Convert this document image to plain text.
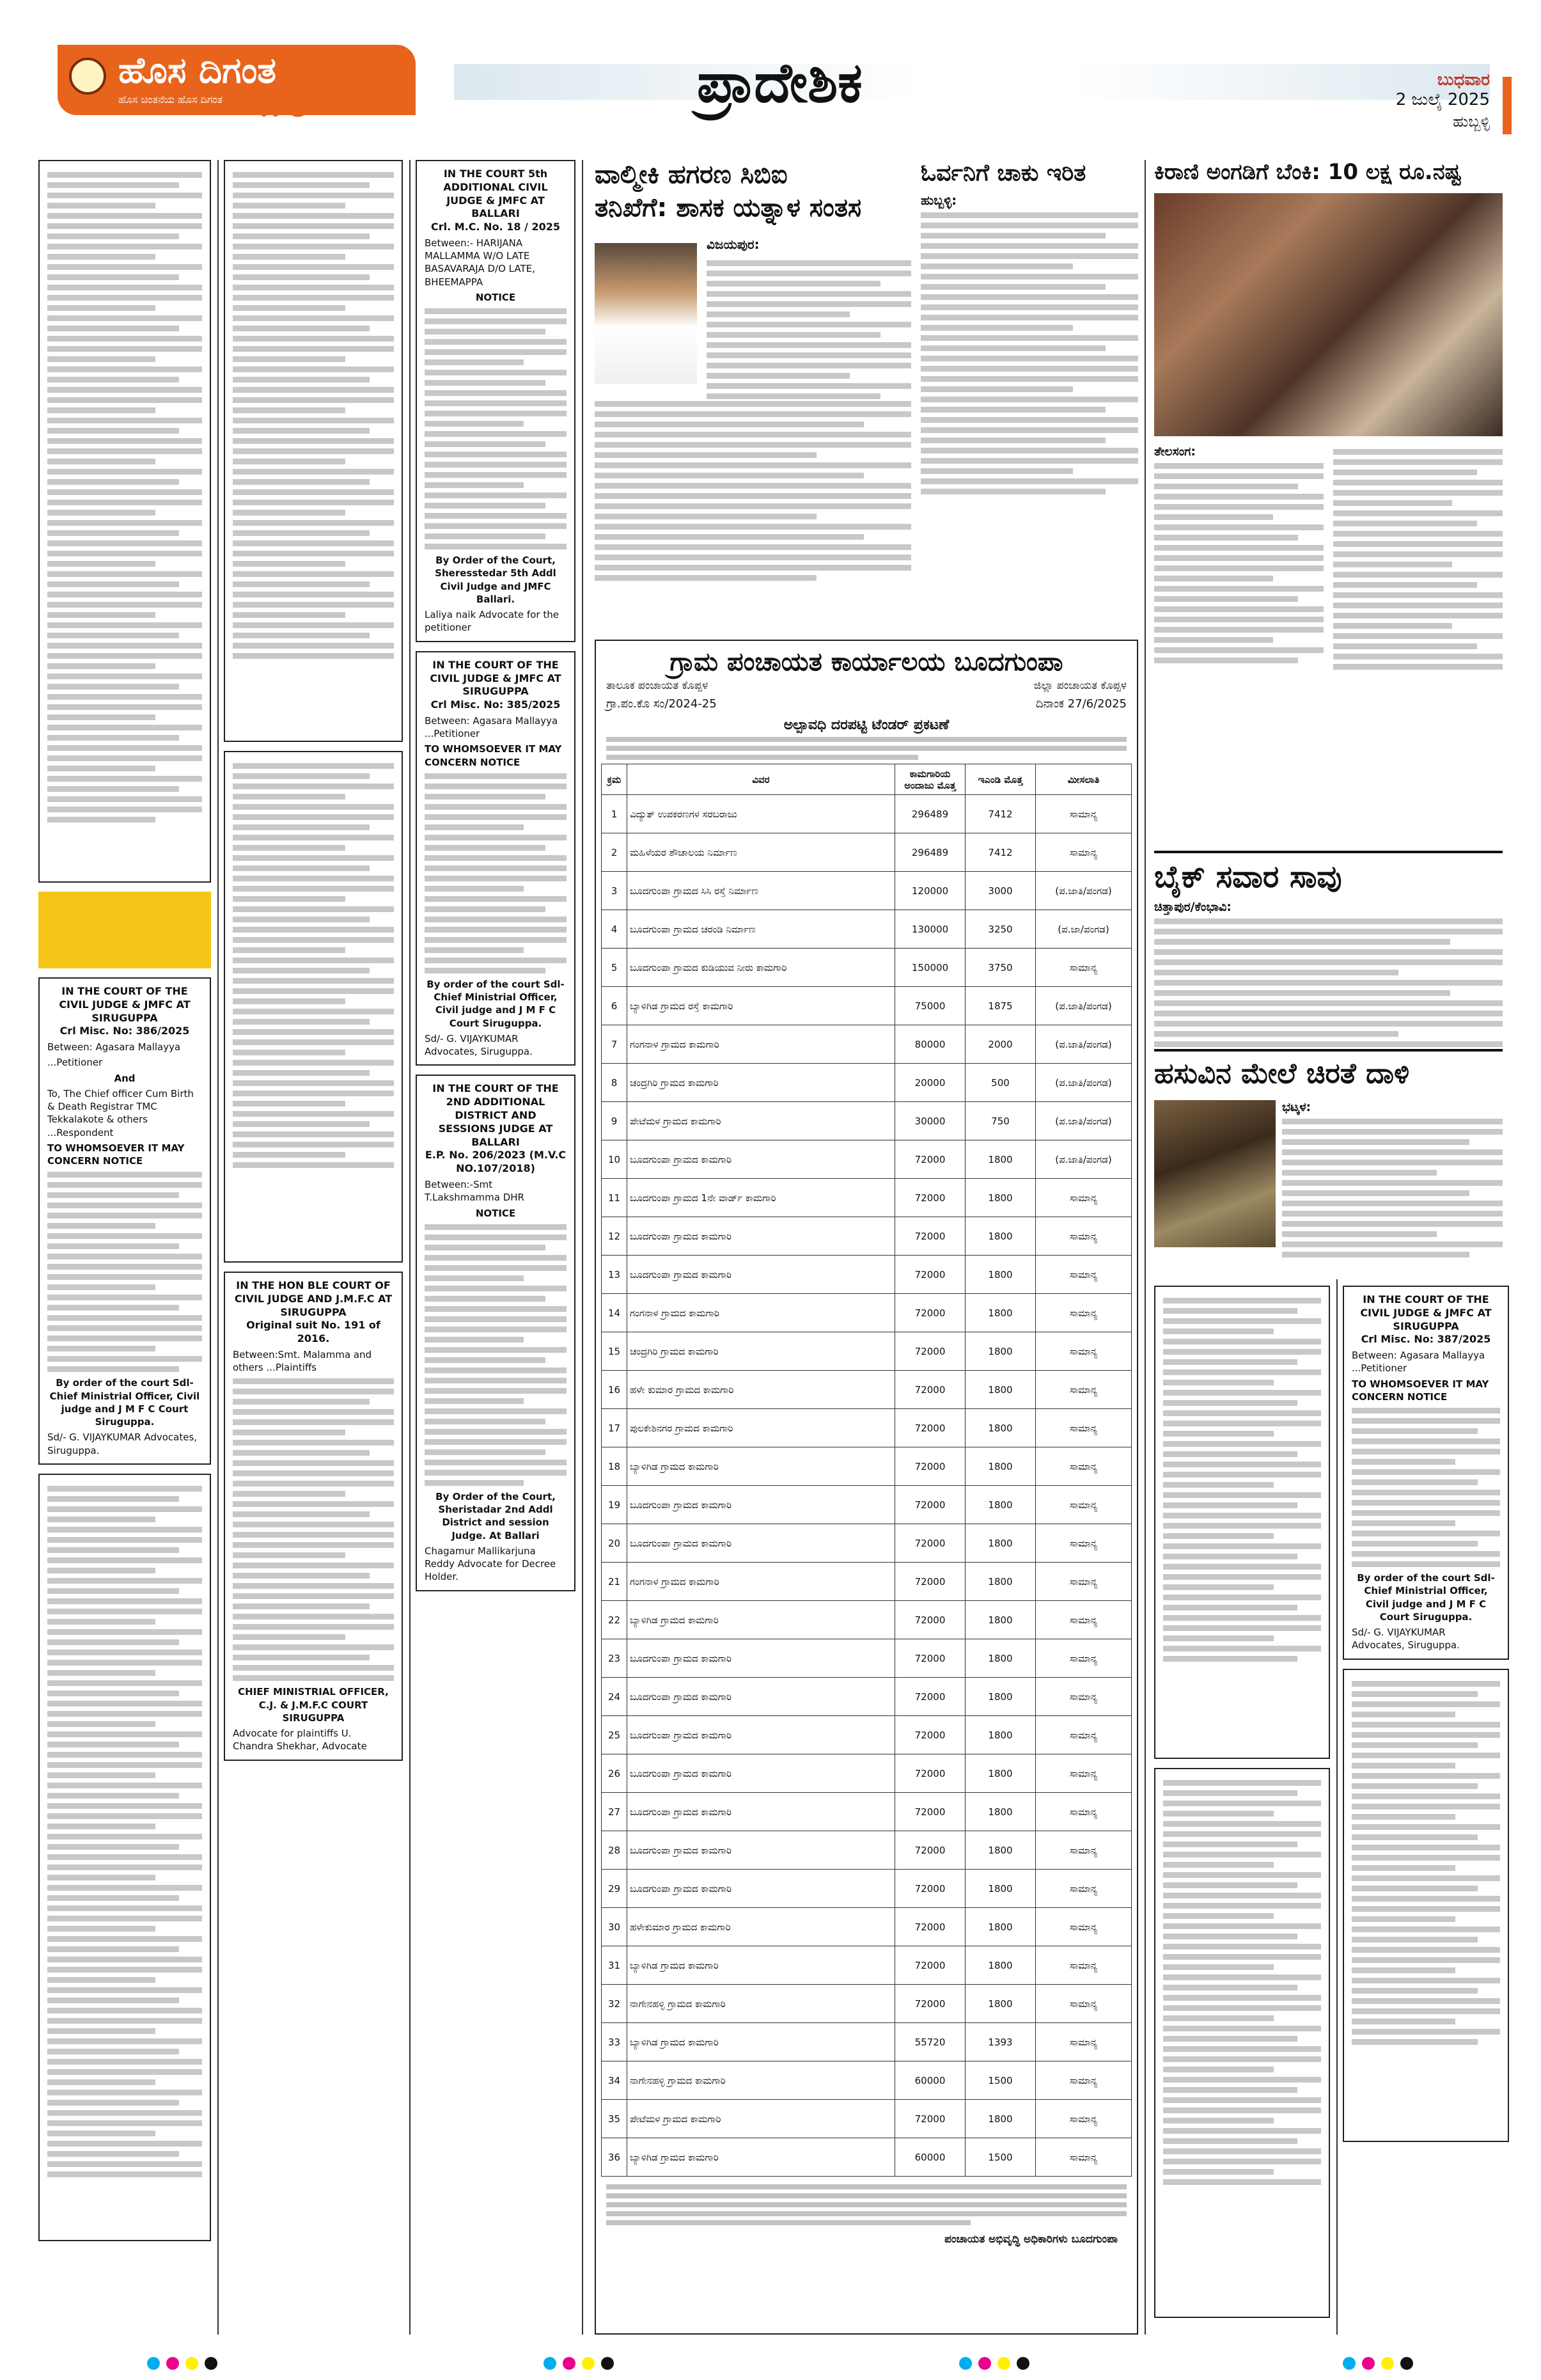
ಹೊಸ ದಿಗಂತ
ಹೊಸ ಚಿಂತನೆಯ ಹೊಸ ದಿಗಂತ	ಪ್ರಾದೇಶಿಕ	ಬುಧವಾರ
2 ಜುಲೈ 2025
ಹುಬ್ಬಳ್ಳಿ
೧೦
IN THE COURT OF THE CIVIL JUDGE & JMFC AT SIRUGUPPA
Crl Misc. No: 386/2025

Between: Agasara Mallayya

...Petitioner

And

To, The Chief officer Cum Birth & Death Registrar TMC Tekkalakote & others ...Respondent

TO WHOMSOEVER IT MAY CONCERN NOTICE

By order of the court Sdl- Chief Ministrial Officer, Civil judge and J M F C Court Siruguppa.

Sd/- G. VIJAYKUMAR Advocates, Siruguppa.

IN THE HON BLE COURT OF CIVIL JUDGE AND J.M.F.C AT SIRUGUPPA
Original suit No. 191 of 2016.

Between:Smt. Malamma and others ...Plaintiffs

CHIEF MINISTRIAL OFFICER, C.J. & J.M.F.C COURT SIRUGUPPA

Advocate for plaintiffs U. Chandra Shekhar, Advocate

IN THE COURT 5th ADDITIONAL CIVIL JUDGE & JMFC AT BALLARI
Crl. M.C. No. 18 / 2025

Between:- HARIJANA MALLAMMA W/O LATE BASAVARAJA D/O LATE, BHEEMAPPA

NOTICE

By Order of the Court, Sheresstedar 5th Addl Civil Judge and JMFC Ballari.

Laliya naik Advocate for the petitioner

IN THE COURT OF THE CIVIL JUDGE & JMFC AT SIRUGUPPA
Crl Misc. No: 385/2025

Between: Agasara Mallayya ...Petitioner

TO WHOMSOEVER IT MAY CONCERN NOTICE

By order of the court Sdl- Chief Ministrial Officer, Civil judge and J M F C Court Siruguppa.

Sd/- G. VIJAYKUMAR Advocates, Siruguppa.

IN THE COURT OF THE 2ND ADDITIONAL DISTRICT AND SESSIONS JUDGE AT BALLARI
E.P. No. 206/2023 (M.V.C NO.107/2018)

Between:-Smt T.Lakshmamma DHR

NOTICE

By Order of the Court, Sheristadar 2nd Addl District and session Judge. At Ballari

Chagamur Mallikarjuna Reddy Advocate for Decree Holder.

ವಾಲ್ಮೀಕಿ ಹಗರಣ ಸಿಬಿಐ
ತನಿಖೆಗೆ: ಶಾಸಕ ಯತ್ನಾಳ ಸಂತಸ
ವಿಜಯಪುರ:
ಓರ್ವನಿಗೆ ಚಾಕು ಇರಿತ
ಹುಬ್ಬಳ್ಳಿ:
ಗ್ರಾಮ ಪಂಚಾಯತ ಕಾರ್ಯಾಲಯ ಬೂದಗುಂಪಾ
ತಾಲೂಕ ಪಂಚಾಯತ ಕೊಪ್ಪಳ	ಜಿಲ್ಲಾ ಪಂಚಾಯತ ಕೊಪ್ಪಳ
ಗ್ರಾ.ಪಂ.ಕೊ ಸಂ/2024-25	ದಿನಾಂಕ 27/6/2025
ಅಲ್ಪಾವಧಿ ದರಪಟ್ಟಿ ಟೆಂಡರ್ ಪ್ರಕಟಣೆ
ಕ್ರಮ	ವಿವರ	ಕಾಮಗಾರಿಯ ಅಂದಾಜು ಮೊತ್ತ	ಇಎಂಡಿ ಮೊತ್ತ	ಮೀಸಲಾತಿ
1	ವಿದ್ಯುತ್ ಉಪಕರಣಗಳ ಸರಬರಾಜು	296489	7412	ಸಾಮಾನ್ಯ
2	ಮಹಿಳೆಯರ ಶೌಚಾಲಯ ನಿರ್ಮಾಣ	296489	7412	ಸಾಮಾನ್ಯ
3	ಬೂದಗುಂಪಾ ಗ್ರಾಮದ ಸಿಸಿ ರಸ್ತೆ ನಿರ್ಮಾಣ	120000	3000	(ಪ.ಜಾತಿ/ಪಂಗಡ)
4	ಬೂದಗುಂಪಾ ಗ್ರಾಮದ ಚರಂಡಿ ನಿರ್ಮಾಣ	130000	3250	(ಪ.ಜಾ/ಪಂಗಡ)
5	ಬೂದಗುಂಪಾ ಗ್ರಾಮದ ಕುಡಿಯುವ ನೀರು ಕಾಮಗಾರಿ	150000	3750	ಸಾಮಾನ್ಯ
6	ಬ್ಯಾಳಿಗಿಡ ಗ್ರಾಮದ ರಸ್ತೆ ಕಾಮಗಾರಿ	75000	1875	(ಪ.ಜಾತಿ/ಪಂಗಡ)
7	ಗಂಗನಾಳ ಗ್ರಾಮದ ಕಾಮಗಾರಿ	80000	2000	(ಪ.ಜಾತಿ/ಪಂಗಡ)
8	ಚಂದ್ರಗಿರಿ ಗ್ರಾಮದ ಕಾಮಗಾರಿ	20000	500	(ಪ.ಜಾತಿ/ಪಂಗಡ)
9	ಪೇಟೆಮಳ ಗ್ರಾಮದ ಕಾಮಗಾರಿ	30000	750	(ಪ.ಜಾತಿ/ಪಂಗಡ)
10	ಬೂದಗುಂಪಾ ಗ್ರಾಮದ ಕಾಮಗಾರಿ	72000	1800	(ಪ.ಜಾತಿ/ಪಂಗಡ)
11	ಬೂದಗುಂಪಾ ಗ್ರಾಮದ 1ನೇ ವಾರ್ಡ್ ಕಾಮಗಾರಿ	72000	1800	ಸಾಮಾನ್ಯ
12	ಬೂದಗುಂಪಾ ಗ್ರಾಮದ ಕಾಮಗಾರಿ	72000	1800	ಸಾಮಾನ್ಯ
13	ಬೂದಗುಂಪಾ ಗ್ರಾಮದ ಕಾಮಗಾರಿ	72000	1800	ಸಾಮಾನ್ಯ
14	ಗಂಗನಾಳ ಗ್ರಾಮದ ಕಾಮಗಾರಿ	72000	1800	ಸಾಮಾನ್ಯ
15	ಚಂದ್ರಗಿರಿ ಗ್ರಾಮದ ಕಾಮಗಾರಿ	72000	1800	ಸಾಮಾನ್ಯ
16	ಹಳೇ ಕುಮಾರ ಗ್ರಾಮದ ಕಾಮಗಾರಿ	72000	1800	ಸಾಮಾನ್ಯ
17	ಪುಲಕೇಶಿನಗರ ಗ್ರಾಮದ ಕಾಮಗಾರಿ	72000	1800	ಸಾಮಾನ್ಯ
18	ಬ್ಯಾಳಿಗಿಡ ಗ್ರಾಮದ ಕಾಮಗಾರಿ	72000	1800	ಸಾಮಾನ್ಯ
19	ಬೂದಗುಂಪಾ ಗ್ರಾಮದ ಕಾಮಗಾರಿ	72000	1800	ಸಾಮಾನ್ಯ
20	ಬೂದಗುಂಪಾ ಗ್ರಾಮದ ಕಾಮಗಾರಿ	72000	1800	ಸಾಮಾನ್ಯ
21	ಗಂಗನಾಳ ಗ್ರಾಮದ ಕಾಮಗಾರಿ	72000	1800	ಸಾಮಾನ್ಯ
22	ಬ್ಯಾಳಿಗಿಡ ಗ್ರಾಮದ ಕಾಮಗಾರಿ	72000	1800	ಸಾಮಾನ್ಯ
23	ಬೂದಗುಂಪಾ ಗ್ರಾಮದ ಕಾಮಗಾರಿ	72000	1800	ಸಾಮಾನ್ಯ
24	ಬೂದಗುಂಪಾ ಗ್ರಾಮದ ಕಾಮಗಾರಿ	72000	1800	ಸಾಮಾನ್ಯ
25	ಬೂದಗುಂಪಾ ಗ್ರಾಮದ ಕಾಮಗಾರಿ	72000	1800	ಸಾಮಾನ್ಯ
26	ಬೂದಗುಂಪಾ ಗ್ರಾಮದ ಕಾಮಗಾರಿ	72000	1800	ಸಾಮಾನ್ಯ
27	ಬೂದಗುಂಪಾ ಗ್ರಾಮದ ಕಾಮಗಾರಿ	72000	1800	ಸಾಮಾನ್ಯ
28	ಬೂದಗುಂಪಾ ಗ್ರಾಮದ ಕಾಮಗಾರಿ	72000	1800	ಸಾಮಾನ್ಯ
29	ಬೂದಗುಂಪಾ ಗ್ರಾಮದ ಕಾಮಗಾರಿ	72000	1800	ಸಾಮಾನ್ಯ
30	ಹಳೇಕುಮಾರ ಗ್ರಾಮದ ಕಾಮಗಾರಿ	72000	1800	ಸಾಮಾನ್ಯ
31	ಬ್ಯಾಳಿಗಿಡ ಗ್ರಾಮದ ಕಾಮಗಾರಿ	72000	1800	ಸಾಮಾನ್ಯ
32	ನಾಗೇನಹಳ್ಳಿ ಗ್ರಾಮದ ಕಾಮಗಾರಿ	72000	1800	ಸಾಮಾನ್ಯ
33	ಬ್ಯಾಳಿಗಿಡ ಗ್ರಾಮದ ಕಾಮಗಾರಿ	55720	1393	ಸಾಮಾನ್ಯ
34	ನಾಗೇನಹಳ್ಳಿ ಗ್ರಾಮದ ಕಾಮಗಾರಿ	60000	1500	ಸಾಮಾನ್ಯ
35	ಪೇಟೆಮಳ ಗ್ರಾಮದ ಕಾಮಗಾರಿ	72000	1800	ಸಾಮಾನ್ಯ
36	ಬ್ಯಾಳಿಗಿಡ ಗ್ರಾಮದ ಕಾಮಗಾರಿ	60000	1500	ಸಾಮಾನ್ಯ
ಪಂಚಾಯತ ಅಭಿವೃದ್ಧಿ ಅಧಿಕಾರಿಗಳು ಬೂದಗುಂಪಾ
ಕಿರಾಣಿ ಅಂಗಡಿಗೆ ಬೆಂಕಿ: 10 ಲಕ್ಷ ರೂ.ನಷ್ಟ
ತೇಲಸಂಗ:
ಬೈಕ್ ಸವಾರ ಸಾವು
ಚಿತ್ತಾಪುರ/ಕೆಂಭಾವಿ:
ಹಸುವಿನ ಮೇಲೆ ಚಿರತೆ ದಾಳಿ
ಭಟ್ಕಳ:
IN THE COURT OF THE CIVIL JUDGE & JMFC AT SIRUGUPPA
Crl Misc. No: 387/2025

Between: Agasara Mallayya ...Petitioner

TO WHOMSOEVER IT MAY CONCERN NOTICE

By order of the court Sdl- Chief Ministrial Officer, Civil judge and J M F C Court Siruguppa.

Sd/- G. VIJAYKUMAR Advocates, Siruguppa.
